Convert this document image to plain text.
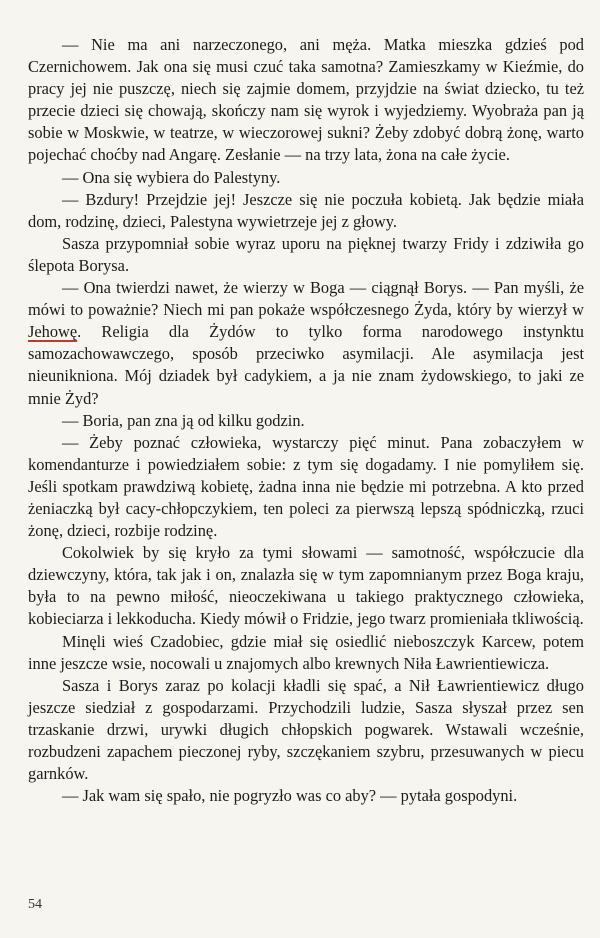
— Nie ma ani narzeczonego, ani męża. Matka mieszka gdzieś pod Czernichowem. Jak ona się musi czuć taka samotna? Zamieszkamy w Kieźmie, do pracy jej nie puszczę, niech się zajmie domem, przyjdzie na świat dziecko, tu też przecie dzieci się chowają, skończy nam się wyrok i wyjedziemy. Wyobraża pan ją sobie w Moskwie, w teatrze, w wieczorowej sukni? Żeby zdobyć dobrą żonę, warto pojechać choćby nad Angarę. Zesłanie — na trzy lata, żona na całe życie.

— Ona się wybiera do Palestyny.

— Bzdury! Przejdzie jej! Jeszcze się nie poczuła kobietą. Jak będzie miała dom, rodzinę, dzieci, Palestyna wywietrzeje jej z głowy.

Sasza przypomniał sobie wyraz uporu na pięknej twarzy Fridy i zdziwiła go ślepota Borysa.

— Ona twierdzi nawet, że wierzy w Boga — ciągnął Borys. — Pan myśli, że mówi to poważnie? Niech mi pan pokaże współczesnego Żyda, który by wierzył w Jehowę. Religia dla Żydów to tylko forma narodowego instynktu samozachowawczego, sposób przeciwko asymilacji. Ale asymilacja jest nieunikniona. Mój dziadek był cadykiem, a ja nie znam żydowskiego, to jaki ze mnie Żyd?

— Boria, pan zna ją od kilku godzin.

— Żeby poznać człowieka, wystarczy pięć minut. Pana zobaczyłem w komendanturze i powiedziałem sobie: z tym się dogadamy. I nie pomyliłem się. Jeśli spotkam prawdziwą kobietę, żadna inna nie będzie mi potrzebna. A kto przed żeniaczką był cacy-chłopczykiem, ten poleci za pierwszą lepszą spódniczką, rzuci żonę, dzieci, rozbije rodzinę.

Cokolwiek by się kryło za tymi słowami — samotność, współczucie dla dziewczyny, która, tak jak i on, znalazła się w tym zapomnianym przez Boga kraju, była to na pewno miłość, nieoczekiwana u takiego praktycznego człowieka, kobieciarza i lekkoducha. Kiedy mówił o Fridzie, jego twarz promieniała tkliwością.

Minęli wieś Czadobiec, gdzie miał się osiedlić nieboszczyk Karcew, potem inne jeszcze wsie, nocowali u znajomych albo krewnych Niła Ławrientiewicza.

Sasza i Borys zaraz po kolacji kładli się spać, a Nił Ławrientiewicz długo jeszcze siedział z gospodarzami. Przychodzili ludzie, Sasza słyszał przez sen trzaskanie drzwi, urywki długich chłopskich pogwarek. Wstawali wcześnie, rozbudzeni zapachem pieczonej ryby, szczękaniem szybru, przesuwanych w piecu garnków.

— Jak wam się spało, nie pogryzło was co aby? — pytała gospodyni.

54
